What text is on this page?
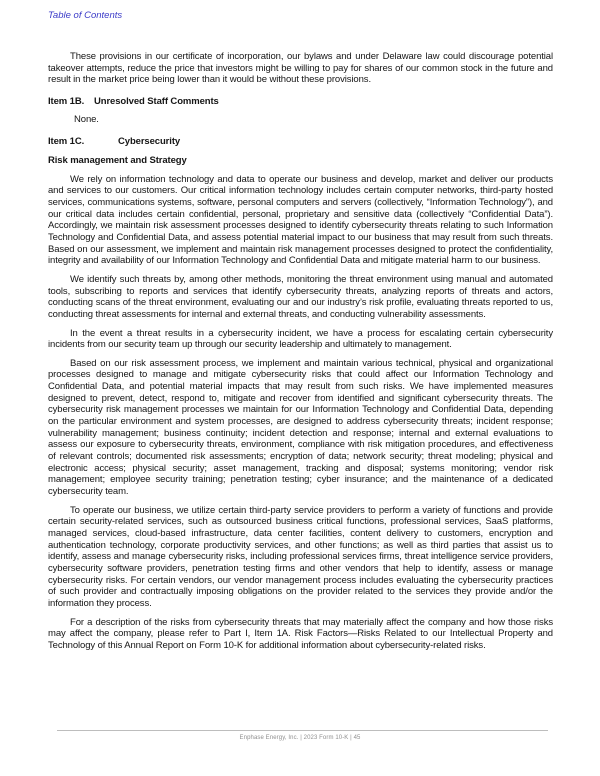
Table of Contents

These provisions in our certificate of incorporation, our bylaws and under Delaware law could discourage potential takeover attempts, reduce the price that investors might be willing to pay for shares of our common stock in the future and result in the market price being lower than it would be without these provisions.

Item 1B. Unresolved Staff Comments

None.

Item 1C.	Cybersecurity
Risk management and Strategy

We rely on information technology and data to operate our business and develop, market and deliver our products and services to our customers. Our critical information technology includes certain computer networks, third-party hosted services, communications systems, software, personal computers and servers (collectively, “Information Technology”), and our critical data includes certain confidential, personal, proprietary and sensitive data (collectively “Confidential Data”). Accordingly, we maintain risk assessment processes designed to identify cybersecurity threats relating to such Information Technology and Confidential Data, and assess potential material impact to our business that may result from such threats. Based on our assessment, we implement and maintain risk management processes designed to protect the confidentiality, integrity and availability of our Information Technology and Confidential Data and mitigate material harm to our business.

We identify such threats by, among other methods, monitoring the threat environment using manual and automated tools, subscribing to reports and services that identify cybersecurity threats, analyzing reports of threats and actors, conducting scans of the threat environment, evaluating our and our industry’s risk profile, evaluating threats reported to us, conducting threat assessments for internal and external threats, and conducting vulnerability assessments.

In the event a threat results in a cybersecurity incident, we have a process for escalating certain cybersecurity incidents from our security team up through our security leadership and ultimately to management.

Based on our risk assessment process, we implement and maintain various technical, physical and organizational processes designed to manage and mitigate cybersecurity risks that could affect our Information Technology and Confidential Data, and potential material impacts that may result from such risks. We have implemented measures designed to prevent, detect, respond to, mitigate and recover from identified and significant cybersecurity threats. The cybersecurity risk management processes we maintain for our Information Technology and Confidential Data, depending on the particular environment and system processes, are designed to address cybersecurity threats; incident response; vulnerability management; business continuity; incident detection and response; internal and external evaluations to assess our exposure to cybersecurity threats, environment, compliance with risk mitigation procedures, and effectiveness of relevant controls; documented risk assessments; encryption of data; network security; threat modeling; physical and electronic access; physical security; asset management, tracking and disposal; systems monitoring; vendor risk management; employee security training; penetration testing; cyber insurance; and the maintenance of a dedicated cybersecurity team.

To operate our business, we utilize certain third-party service providers to perform a variety of functions and provide certain security-related services, such as outsourced business critical functions, professional services, SaaS platforms, managed services, cloud-based infrastructure, data center facilities, content delivery to customers, encryption and authentication technology, corporate productivity services, and other functions; as well as third parties that assist us to identify, assess and manage cybersecurity risks, including professional services firms, threat intelligence service providers, cybersecurity software providers, penetration testing firms and other vendors that help to identify, assess or manage cybersecurity risks. For certain vendors, our vendor management process includes evaluating the cybersecurity practices of such provider and contractually imposing obligations on the provider related to the services they provide and/or the information they process.

For a description of the risks from cybersecurity threats that may materially affect the company and how those risks may affect the company, please refer to Part I, Item 1A. Risk Factors—Risks Related to our Intellectual Property and Technology of this Annual Report on Form 10-K for additional information about cybersecurity-related risks.

Enphase Energy, Inc. | 2023 Form 10-K | 45
